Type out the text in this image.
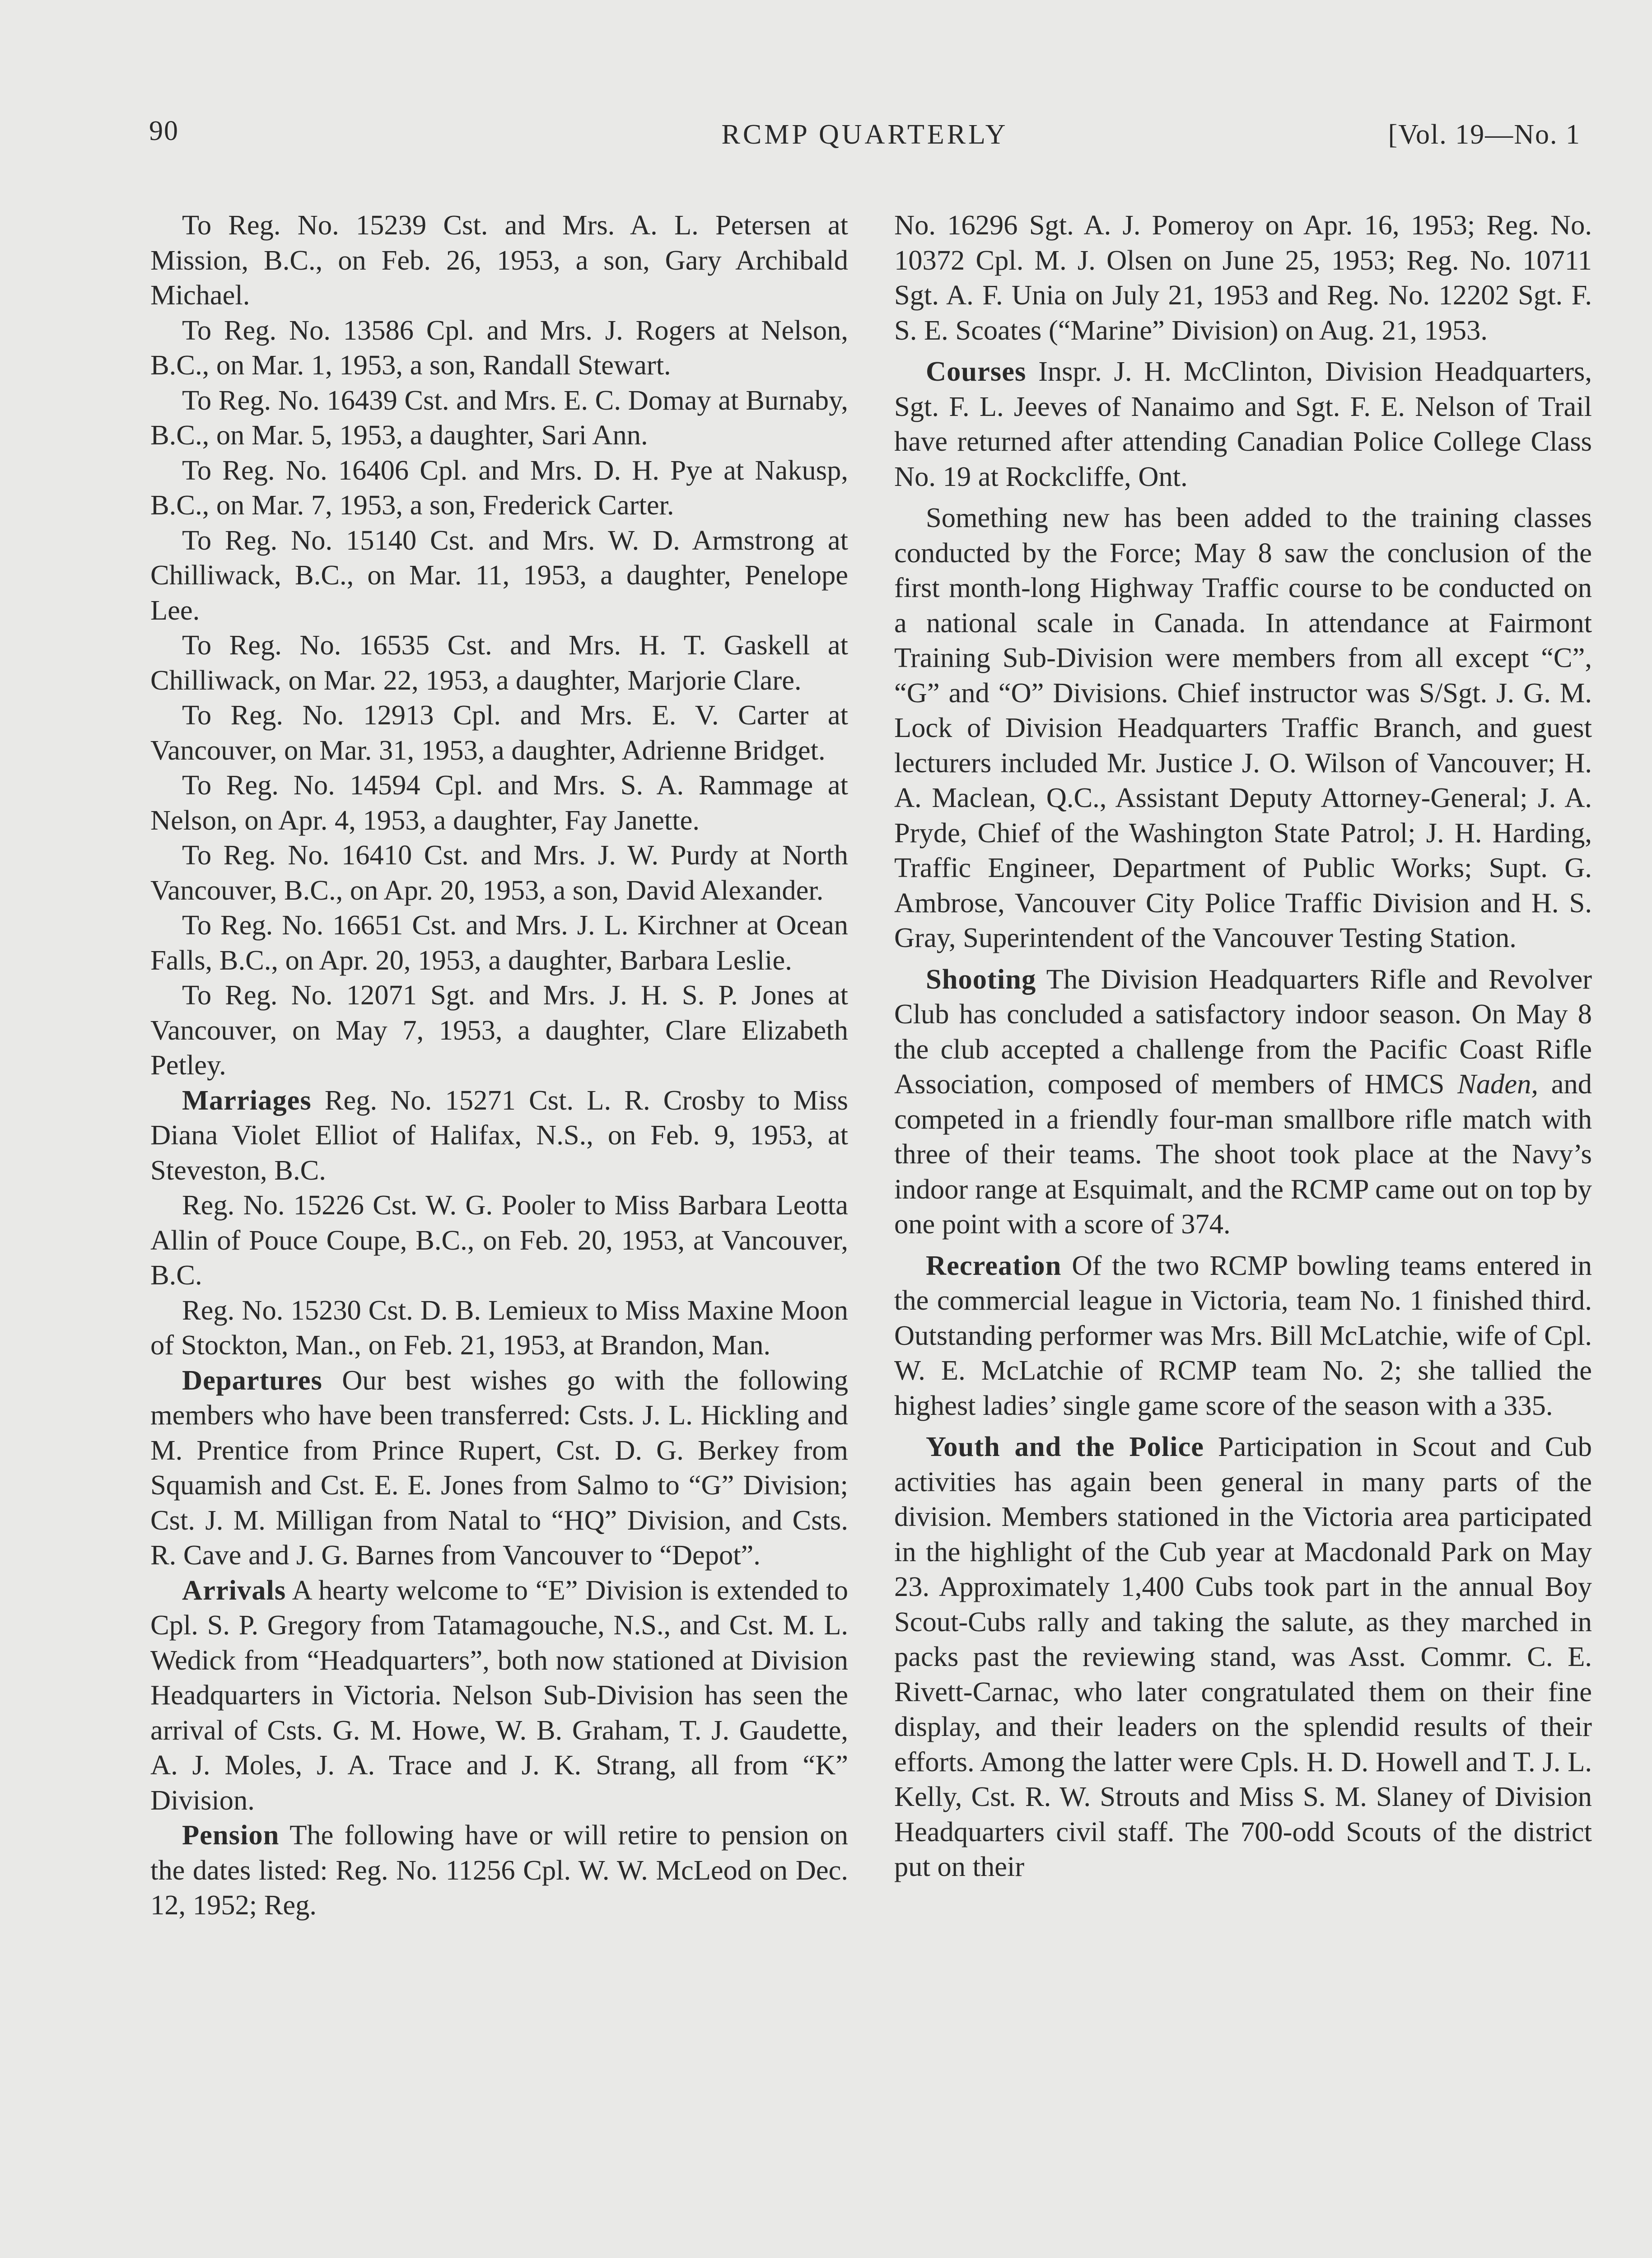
90	RCMP QUARTERLY	[Vol. 19—No. 1

To Reg. No. 15239 Cst. and Mrs. A. L. Petersen at Mission, B.C., on Feb. 26, 1953, a son, Gary Archibald Michael.

To Reg. No. 13586 Cpl. and Mrs. J. Rogers at Nelson, B.C., on Mar. 1, 1953, a son, Randall Stewart.

To Reg. No. 16439 Cst. and Mrs. E. C. Domay at Burnaby, B.C., on Mar. 5, 1953, a daughter, Sari Ann.

To Reg. No. 16406 Cpl. and Mrs. D. H. Pye at Nakusp, B.C., on Mar. 7, 1953, a son, Frederick Carter.

To Reg. No. 15140 Cst. and Mrs. W. D. Armstrong at Chilliwack, B.C., on Mar. 11, 1953, a daughter, Penelope Lee.

To Reg. No. 16535 Cst. and Mrs. H. T. Gaskell at Chilliwack, on Mar. 22, 1953, a daughter, Marjorie Clare.

To Reg. No. 12913 Cpl. and Mrs. E. V. Carter at Vancouver, on Mar. 31, 1953, a daughter, Adrienne Bridget.

To Reg. No. 14594 Cpl. and Mrs. S. A. Rammage at Nelson, on Apr. 4, 1953, a daughter, Fay Janette.

To Reg. No. 16410 Cst. and Mrs. J. W. Purdy at North Vancouver, B.C., on Apr. 20, 1953, a son, David Alexander.

To Reg. No. 16651 Cst. and Mrs. J. L. Kirchner at Ocean Falls, B.C., on Apr. 20, 1953, a daughter, Barbara Leslie.

To Reg. No. 12071 Sgt. and Mrs. J. H. S. P. Jones at Vancouver, on May 7, 1953, a daughter, Clare Elizabeth Petley.

Marriages Reg. No. 15271 Cst. L. R. Crosby to Miss Diana Violet Elliot of Halifax, N.S., on Feb. 9, 1953, at Steveston, B.C.

Reg. No. 15226 Cst. W. G. Pooler to Miss Barbara Leotta Allin of Pouce Coupe, B.C., on Feb. 20, 1953, at Vancouver, B.C.

Reg. No. 15230 Cst. D. B. Lemieux to Miss Maxine Moon of Stockton, Man., on Feb. 21, 1953, at Brandon, Man.

Departures Our best wishes go with the following members who have been transferred: Csts. J. L. Hickling and M. Prentice from Prince Rupert, Cst. D. G. Berkey from Squamish and Cst. E. E. Jones from Salmo to “G” Division; Cst. J. M. Milligan from Natal to “HQ” Division, and Csts. R. Cave and J. G. Barnes from Vancouver to “Depot”.

Arrivals A hearty welcome to “E” Division is extended to Cpl. S. P. Gregory from Tatamagouche, N.S., and Cst. M. L. Wedick from “Headquarters”, both now stationed at Division Headquarters in Victoria. Nelson Sub-Division has seen the arrival of Csts. G. M. Howe, W. B. Graham, T. J. Gaudette, A. J. Moles, J. A. Trace and J. K. Strang, all from “K” Division.

Pension The following have or will retire to pension on the dates listed: Reg. No. 11256 Cpl. W. W. McLeod on Dec. 12, 1952; Reg.

No. 16296 Sgt. A. J. Pomeroy on Apr. 16, 1953; Reg. No. 10372 Cpl. M. J. Olsen on June 25, 1953; Reg. No. 10711 Sgt. A. F. Unia on July 21, 1953 and Reg. No. 12202 Sgt. F. S. E. Scoates (“Marine” Division) on Aug. 21, 1953.

Courses Inspr. J. H. McClinton, Division Headquarters, Sgt. F. L. Jeeves of Nanaimo and Sgt. F. E. Nelson of Trail have returned after attending Canadian Police College Class No. 19 at Rockcliffe, Ont.

Something new has been added to the training classes conducted by the Force; May 8 saw the conclusion of the first month-long Highway Traffic course to be conducted on a national scale in Canada. In attendance at Fairmont Training Sub-Division were members from all except “C”, “G” and “O” Divisions. Chief instructor was S/Sgt. J. G. M. Lock of Division Headquarters Traffic Branch, and guest lecturers included Mr. Justice J. O. Wilson of Vancouver; H. A. Maclean, Q.C., Assistant Deputy Attorney-General; J. A. Pryde, Chief of the Washington State Patrol; J. H. Harding, Traffic Engineer, Department of Public Works; Supt. G. Ambrose, Vancouver City Police Traffic Division and H. S. Gray, Superintendent of the Vancouver Testing Station.

Shooting The Division Headquarters Rifle and Revolver Club has concluded a satisfactory indoor season. On May 8 the club accepted a challenge from the Pacific Coast Rifle Association, composed of members of HMCS Naden, and competed in a friendly four-man smallbore rifle match with three of their teams. The shoot took place at the Navy’s indoor range at Esquimalt, and the RCMP came out on top by one point with a score of 374.

Recreation Of the two RCMP bowling teams entered in the commercial league in Victoria, team No. 1 finished third. Outstanding performer was Mrs. Bill McLatchie, wife of Cpl. W. E. McLatchie of RCMP team No. 2; she tallied the highest ladies’ single game score of the season with a 335.

Youth and the Police Participation in Scout and Cub activities has again been general in many parts of the division. Members stationed in the Victoria area participated in the highlight of the Cub year at Macdonald Park on May 23. Approximately 1,400 Cubs took part in the annual Boy Scout-Cubs rally and taking the salute, as they marched in packs past the reviewing stand, was Asst. Commr. C. E. Rivett-Carnac, who later congratulated them on their fine display, and their leaders on the splendid results of their efforts. Among the latter were Cpls. H. D. Howell and T. J. L. Kelly, Cst. R. W. Strouts and Miss S. M. Slaney of Division Headquarters civil staff. The 700-odd Scouts of the district put on their
